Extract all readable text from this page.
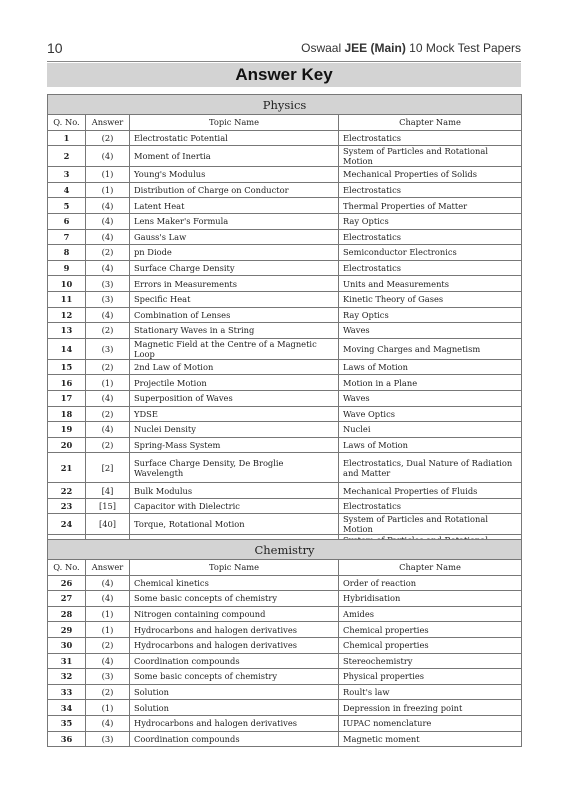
10	Oswaal JEE (Main) 10 Mock Test Papers
Answer Key
Physics			
Q. No.	Answer	Topic Name	Chapter Name
1	(2)	Electrostatic Potential	Electrostatics
2	(4)	Moment of Inertia	System of Particles and Rotational Motion
3	(1)	Young's Modulus	Mechanical Properties of Solids
4	(1)	Distribution of Charge on Conductor	Electrostatics
5	(4)	Latent Heat	Thermal Properties of Matter
6	(4)	Lens Maker's Formula	Ray Optics
7	(4)	Gauss's Law	Electrostatics
8	(2)	pn Diode	Semiconductor Electronics
9	(4)	Surface Charge Density	Electrostatics
10	(3)	Errors in Measurements	Units and Measurements
11	(3)	Specific Heat	Kinetic Theory of Gases
12	(4)	Combination of Lenses	Ray Optics
13	(2)	Stationary Waves in a String	Waves
14	(3)	Magnetic Field at the Centre of a Magnetic Loop	Moving Charges and Magnetism
15	(2)	2nd Law of Motion	Laws of Motion
16	(1)	Projectile Motion	Motion in a Plane
17	(4)	Superposition of Waves	Waves
18	(2)	YDSE	Wave Optics
19	(4)	Nuclei Density	Nuclei
20	(2)	Spring-Mass System	Laws of Motion
21	[2]	Surface Charge Density, De Broglie Wavelength	Electrostatics, Dual Nature of Radiation and Matter
22	[4]	Bulk Modulus	Mechanical Properties of Fluids
23	[15]	Capacitor with Dielectric	Electrostatics
24	[40]	Torque, Rotational Motion	System of Particles and Rotational Motion

Chemistry			
Q. No.	Answer	Topic Name	Chapter Name
26	(4)	Chemical kinetics	Order of reaction
27	(4)	Some basic concepts of chemistry	Hybridisation
28	(1)	Nitrogen containing compound	Amides
29	(1)	Hydrocarbons and halogen derivatives	Chemical properties
30	(2)	Hydrocarbons and halogen derivatives	Chemical properties
31	(4)	Coordination compounds	Stereochemistry
32	(3)	Some basic concepts of chemistry	Physical properties
33	(2)	Solution	Roult's law
34	(1)	Solution	Depression in freezing point
35	(4)	Hydrocarbons and halogen derivatives	IUPAC nomenclature
36	(3)	Coordination compounds	Magnetic moment
